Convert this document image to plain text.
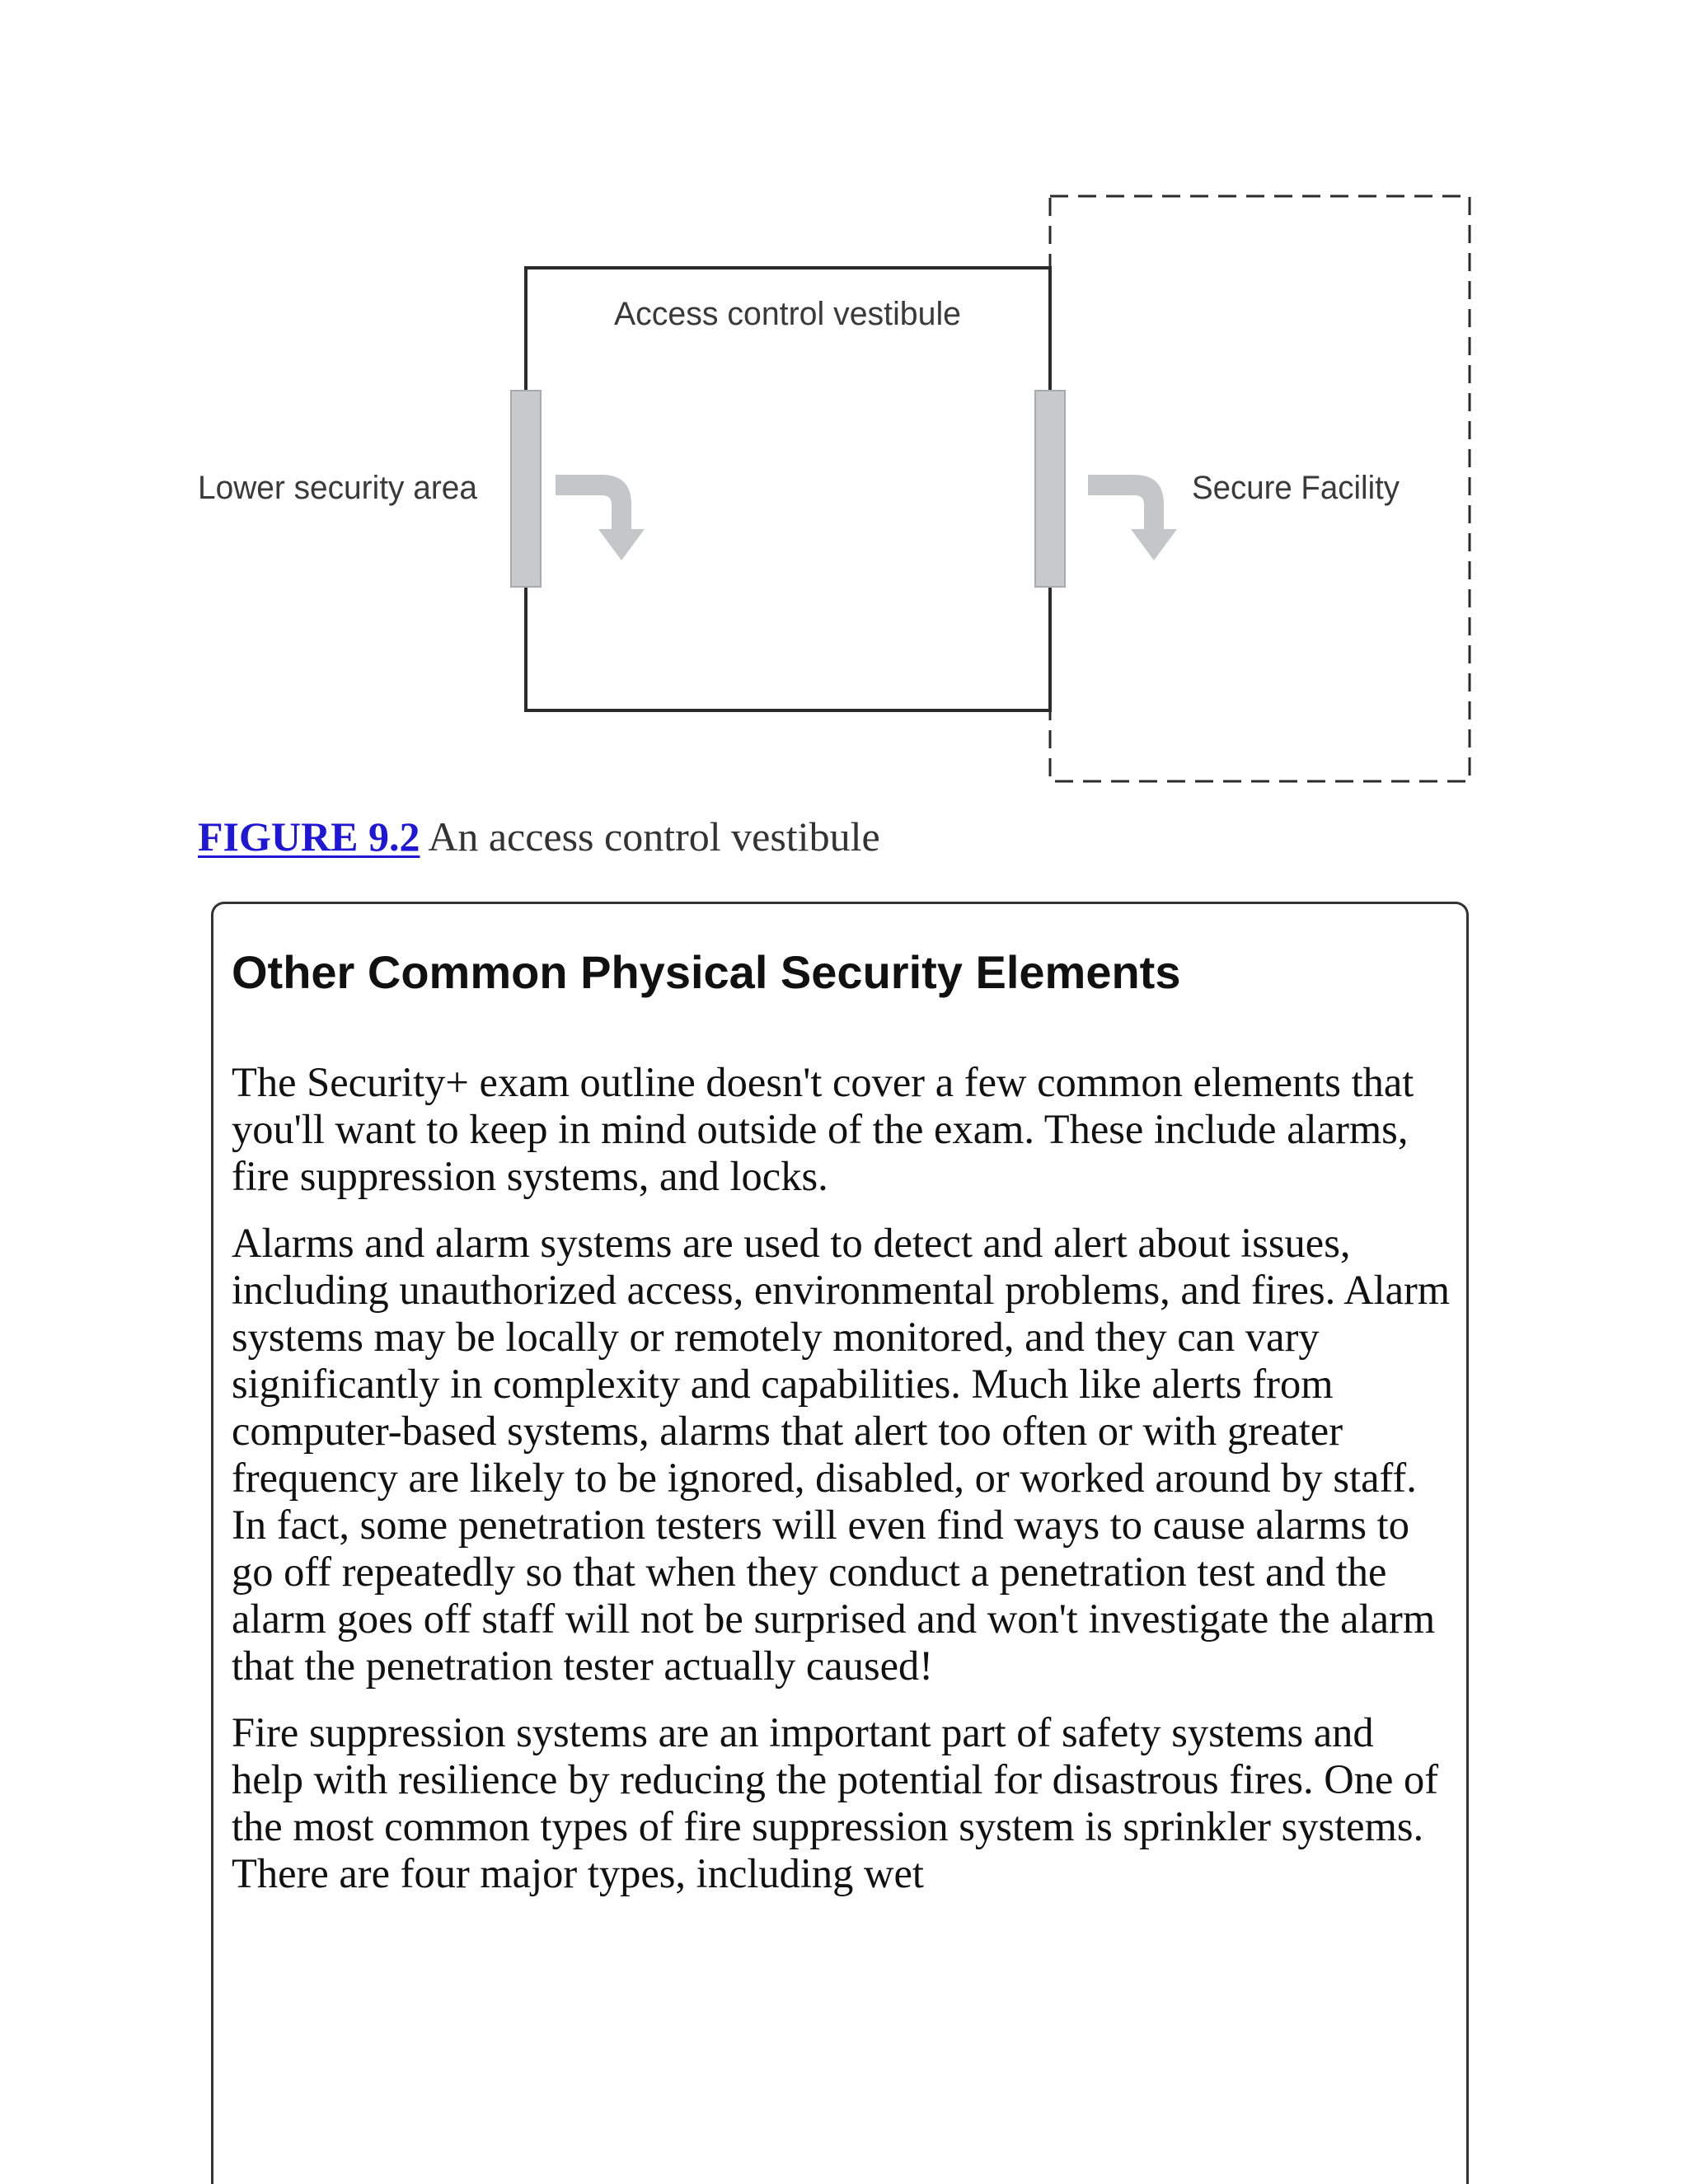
Access control vestibule
Lower security area	Secure Facility
FIGURE 9.2 An access control vestibule
Other Common Physical Security Elements

The Security+ exam outline doesn't cover a few common elements that you'll want to keep in mind outside of the exam. These include alarms, fire suppression systems, and locks.

Alarms and alarm systems are used to detect and alert about issues, including unauthorized access, environmental problems, and fires. Alarm systems may be locally or remotely monitored, and they can vary significantly in complexity and capabilities. Much like alerts from computer-based systems, alarms that alert too often or with greater frequency are likely to be ignored, disabled, or worked around by staff. In fact, some penetration testers will even find ways to cause alarms to go off repeatedly so that when they conduct a penetration test and the alarm goes off staff will not be surprised and won't investigate the alarm that the penetration tester actually caused!

Fire suppression systems are an important part of safety systems and help with resilience by reducing the potential for disastrous fires. One of the most common types of fire suppression system is sprinkler systems. There are four major types, including wet
